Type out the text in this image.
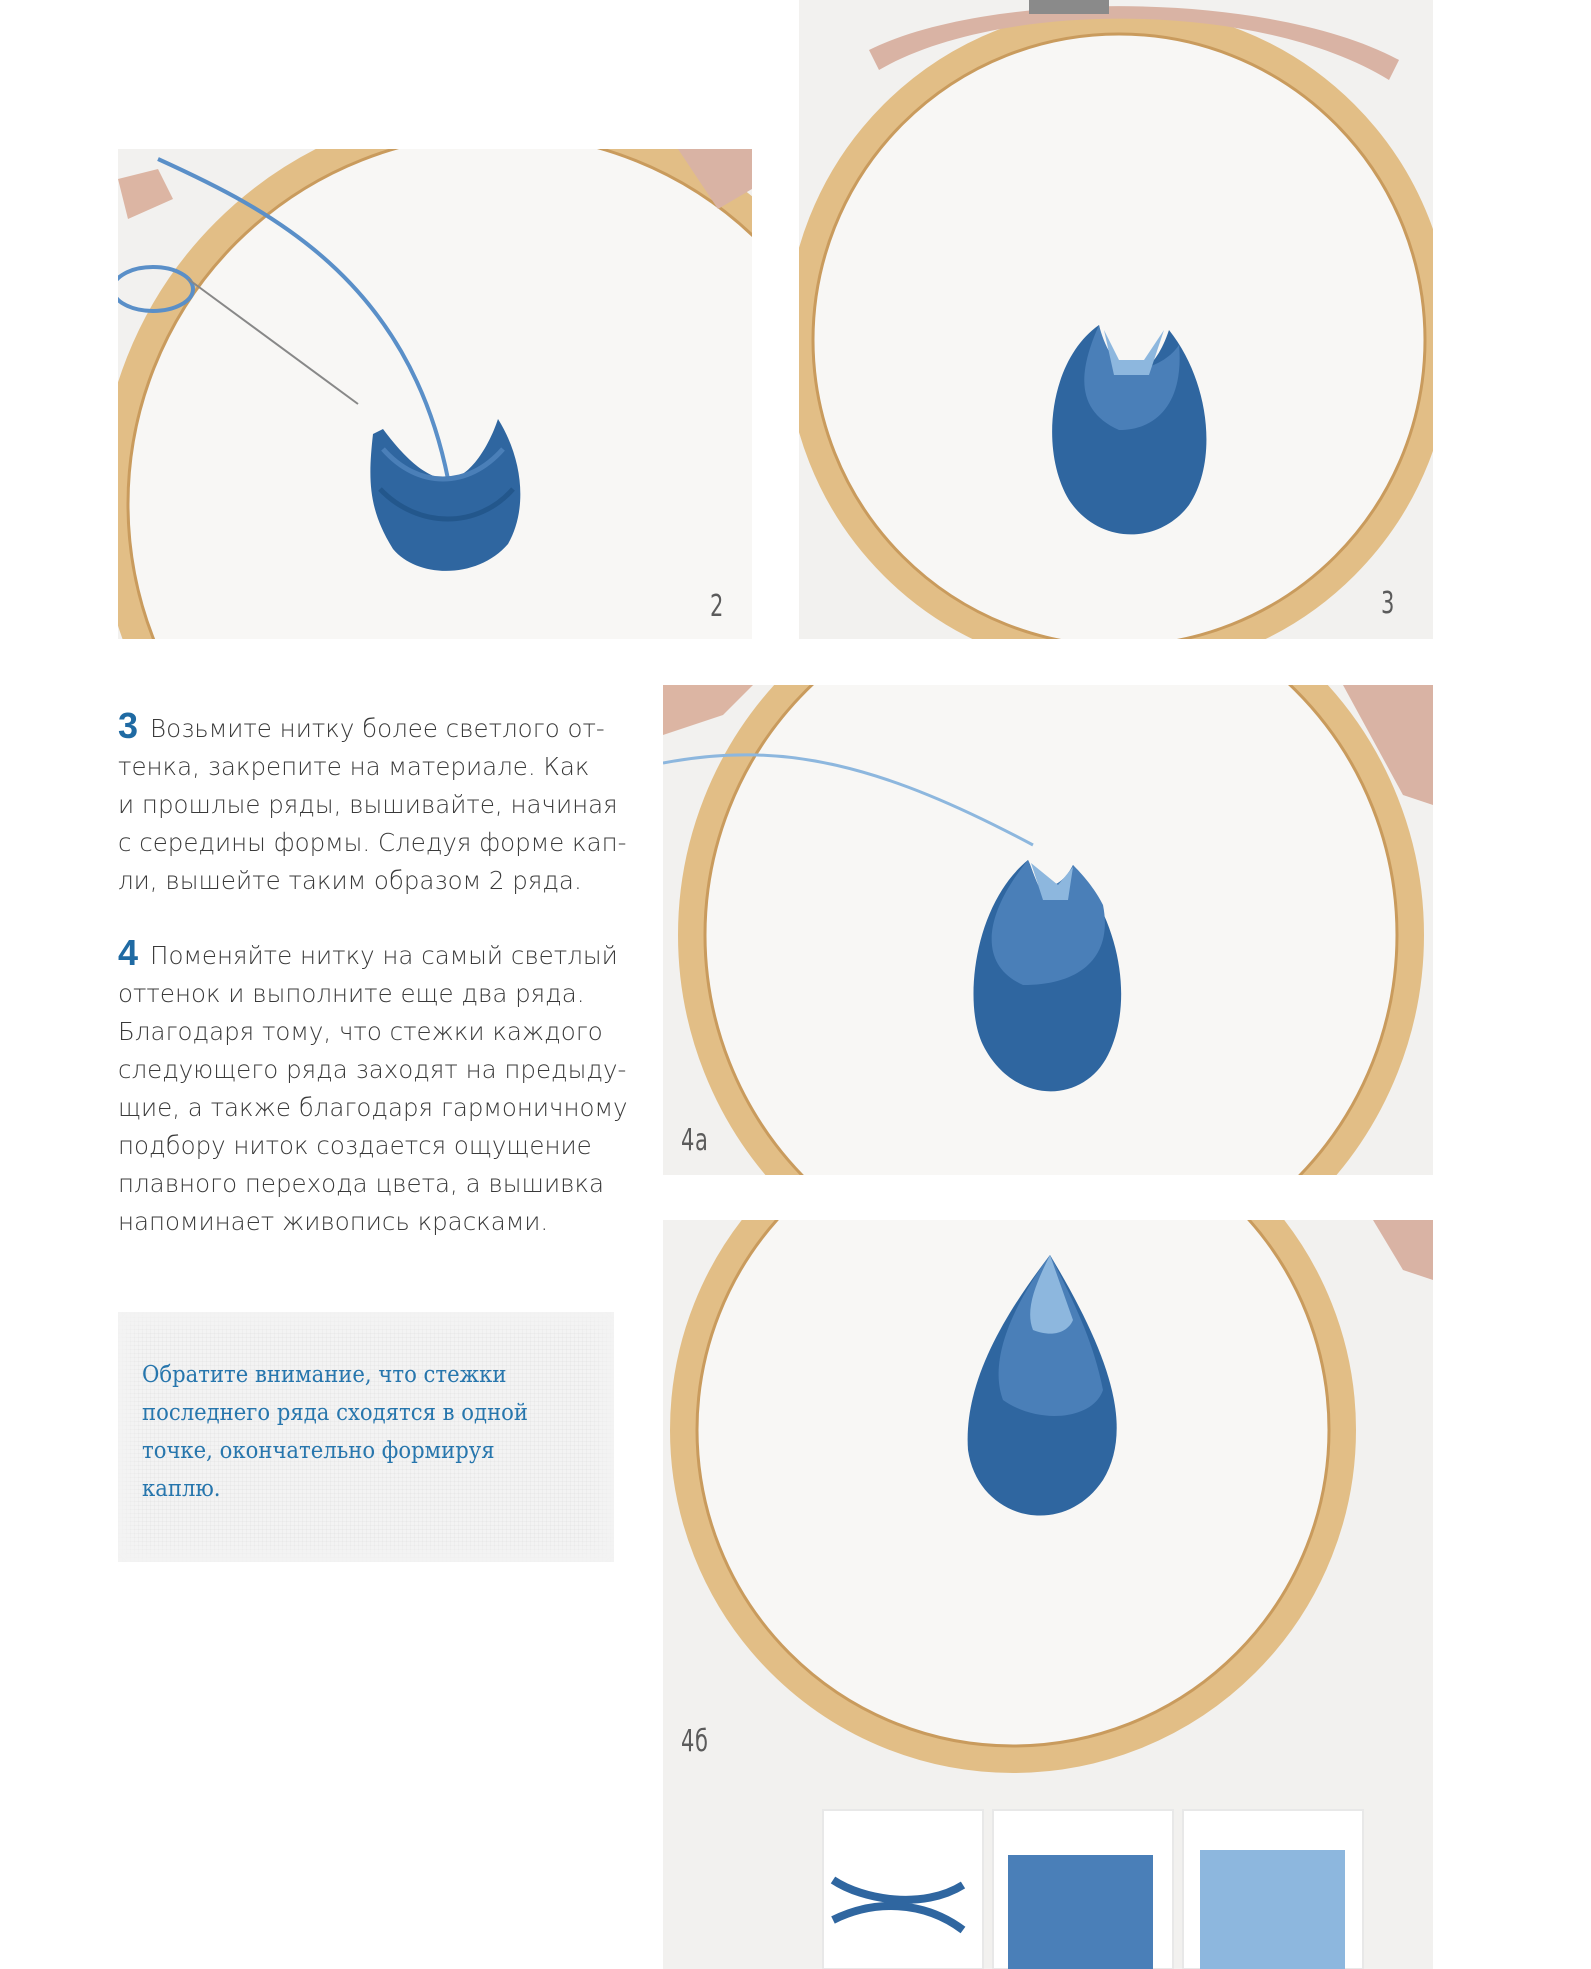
2	3

3 Возьмите нитку более светлого от-

тенка, закрепите на материале. Как

и прошлые ряды, вышивайте, начиная

с середины формы. Следуя форме кап-

ли, вышейте таким образом 2 ряда.

4 Поменяйте нитку на самый светлый

оттенок и выполните еще два ряда.

Благодаря тому, что стежки каждого

следующего ряда заходят на предыду-

щие, а также благодаря гармоничному

подбору ниток создается ощущение

плавного перехода цвета, а вышивка

напоминает живопись красками.

4а
4б
Обратите внимание, что стежки
последнего ряда сходятся в одной
точке, окончательно формируя
каплю.
